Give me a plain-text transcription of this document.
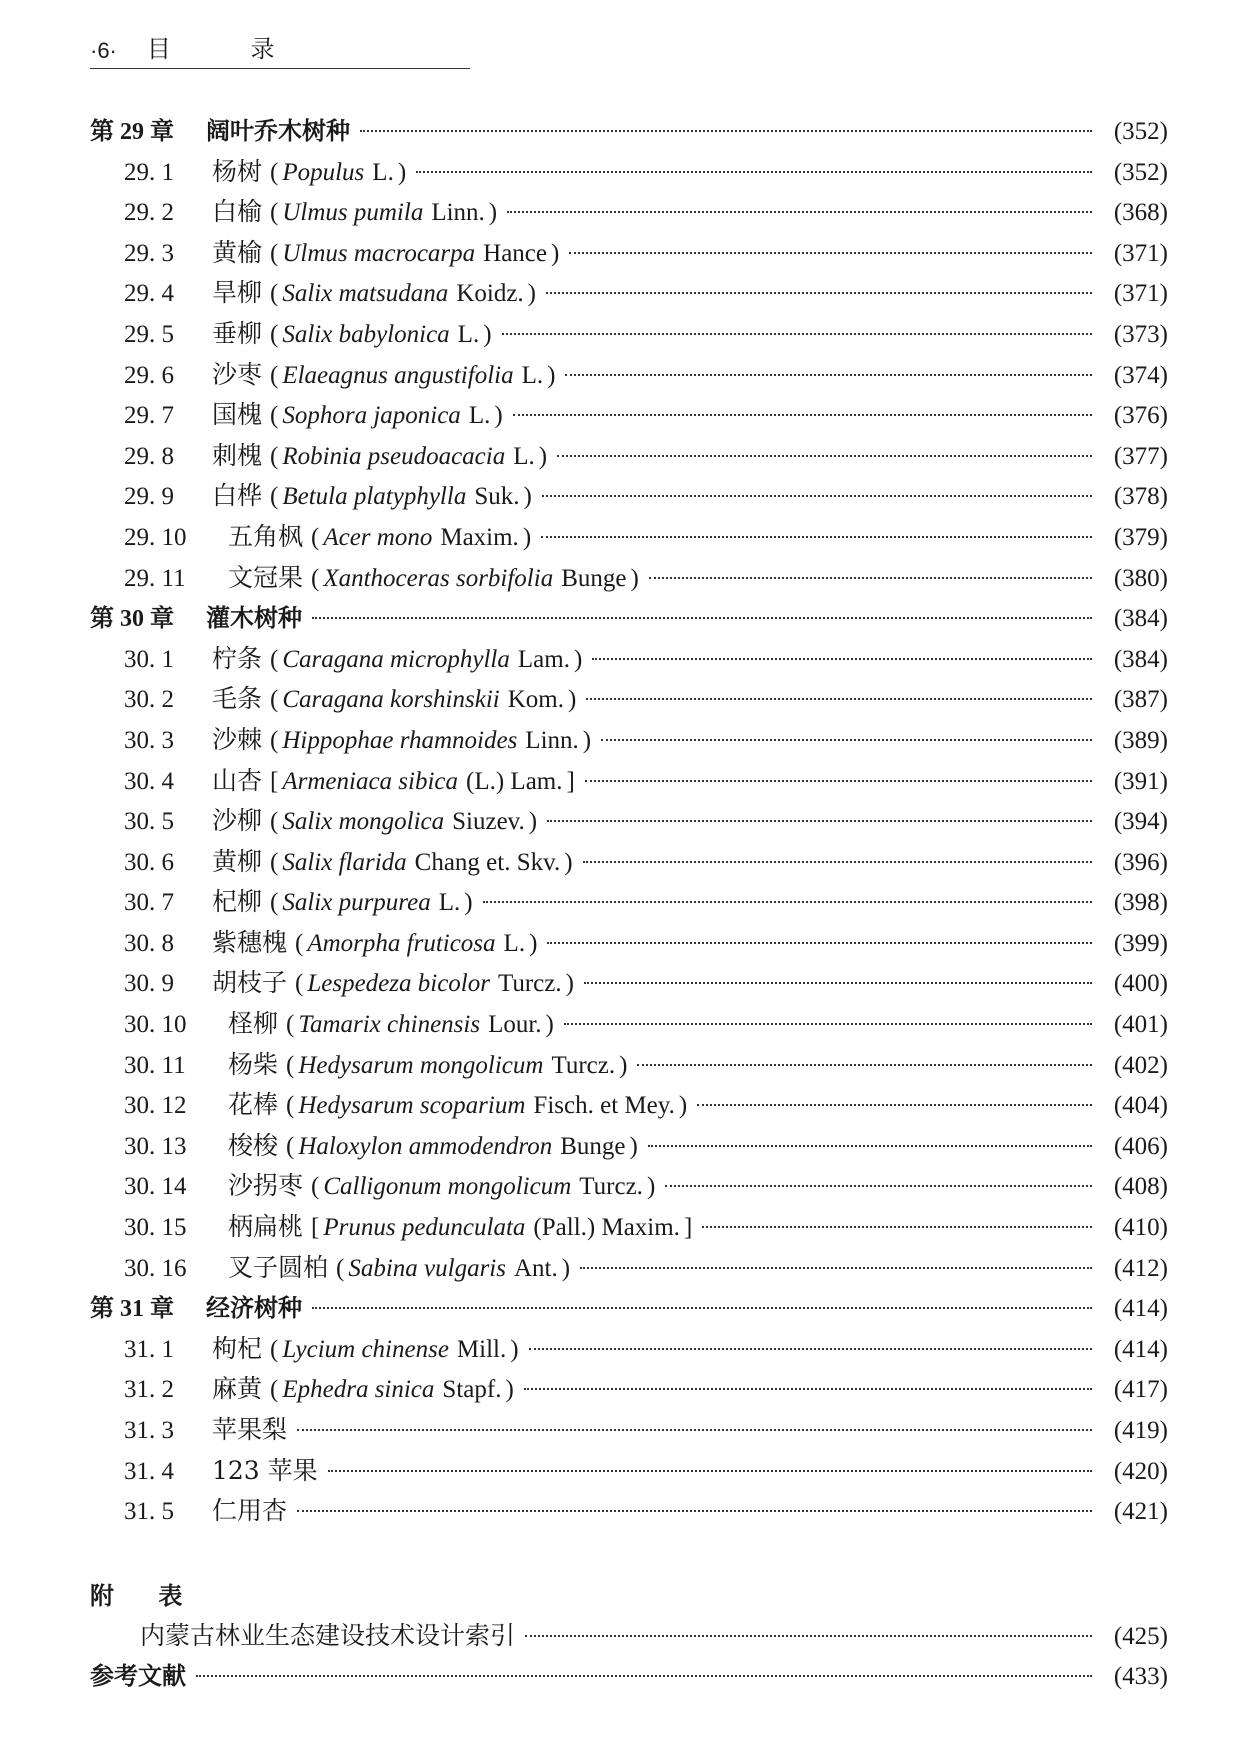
·6· 目 录
第 29 章 阔叶乔木树种	(352)
29. 1 杨树 ( Populus L. )	(352)
29. 2 白榆 ( Ulmus pumila Linn. )	(368)
29. 3 黄榆 ( Ulmus macrocarpa Hance )	(371)
29. 4 旱柳 ( Salix matsudana Koidz. )	(371)
29. 5 垂柳 ( Salix babylonica L. )	(373)
29. 6 沙枣 ( Elaeagnus angustifolia L. )	(374)
29. 7 国槐 ( Sophora japonica L. )	(376)
29. 8 刺槐 ( Robinia pseudoacacia L. )	(377)
29. 9 白桦 ( Betula platyphylla Suk. )	(378)
29. 10 五角枫 ( Acer mono Maxim. )	(379)
29. 11 文冠果 ( Xanthoceras sorbifolia Bunge )	(380)
第 30 章 灌木树种	(384)
30. 1 柠条 ( Caragana microphylla Lam. )	(384)
30. 2 毛条 ( Caragana korshinskii Kom. )	(387)
30. 3 沙棘 ( Hippophae rhamnoides Linn. )	(389)
30. 4 山杏 [ Armeniaca sibica (L.) Lam. ]	(391)
30. 5 沙柳 ( Salix mongolica Siuzev. )	(394)
30. 6 黄柳 ( Salix flarida Chang et. Skv. )	(396)
30. 7 杞柳 ( Salix purpurea L. )	(398)
30. 8 紫穗槐 ( Amorpha fruticosa L. )	(399)
30. 9 胡枝子 ( Lespedeza bicolor Turcz. )	(400)
30. 10 柽柳 ( Tamarix chinensis Lour. )	(401)
30. 11 杨柴 ( Hedysarum mongolicum Turcz. )	(402)
30. 12 花棒 ( Hedysarum scoparium Fisch. et Mey. )	(404)
30. 13 梭梭 ( Haloxylon ammodendron Bunge )	(406)
30. 14 沙拐枣 ( Calligonum mongolicum Turcz. )	(408)
30. 15 柄扁桃 [ Prunus pedunculata (Pall.) Maxim. ]	(410)
30. 16 叉子圆柏 ( Sabina vulgaris Ant. )	(412)
第 31 章 经济树种	(414)
31. 1 枸杞 ( Lycium chinense Mill. )	(414)
31. 2 麻黄 ( Ephedra sinica Stapf. )	(417)
31. 3 苹果梨	(419)
31. 4 123 苹果	(420)
31. 5 仁用杏	(421)
附 表
内蒙古林业生态建设技术设计索引	(425)
参考文献	(433)
